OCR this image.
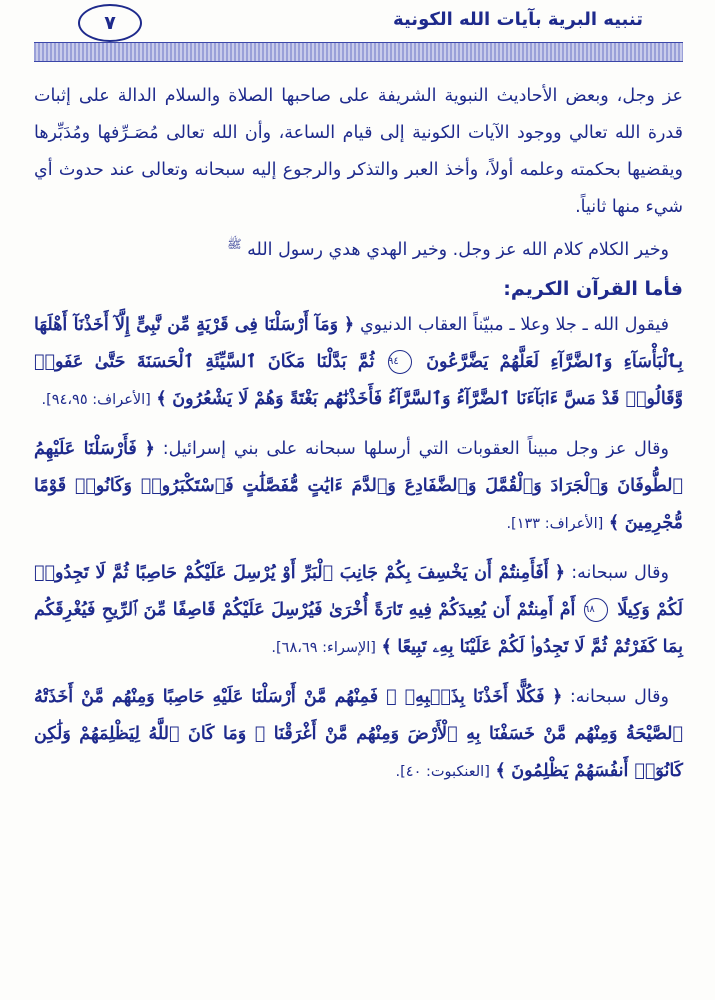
تنبيه البرية بآيات الله الكونية
٧

عز وجل، وبعض الأحاديث النبوية الشريفة على صاحبها الصلاة والسلام الدالة على إثبات قدرة الله تعالي ووجود الآيات الكونية إلى قيام الساعة، وأن الله تعالى مُصَـرِّفها ومُدَبِّرها ويقضيها بحكمته وعلمه أولاً، وأخذ العبر والتذكر والرجوع إليه سبحانه وتعالى عند حدوث أي شيء منها ثانياً.

وخير الكلام كلام الله عز وجل. وخير الهدي هدي رسول الله $^ﷺ$

فأما القرآن الكريم:

فيقول الله ـ جلا وعلا ـ مبيّناً العقاب الدنيوي ﴿ وَمَآ أَرْسَلْنَا فِى قَرْيَةٍ مِّن نَّبِىٍّ إِلَّآ أَخَذْنَآ أَهْلَهَا بِٱلْبَأْسَآءِ وَٱلضَّرَّآءِ لَعَلَّهُمْ يَضَّرَّعُونَ ٩٤ ثُمَّ بَدَّلْنَا مَكَانَ ٱلسَّيِّئَةِ ٱلْحَسَنَةَ حَتَّىٰ عَفَوا۟ وَّقَالُوا۟ قَدْ مَسَّ ءَابَآءَنَا ٱلضَّرَّآءُ وَٱلسَّرَّآءُ فَأَخَذْنَٰهُم بَغْتَةً وَهُمْ لَا يَشْعُرُونَ ﴾ [الأعراف: ٩٤،٩٥].

وقال عز وجل مبيناً العقوبات التي أرسلها سبحانه على بني إسرائيل: ﴿ فَأَرْسَلْنَا عَلَيْهِمُ ٱلطُّوفَانَ وَٱلْجَرَادَ وَٱلْقُمَّلَ وَٱلضَّفَادِعَ وَٱلدَّمَ ءَايَٰتٍ مُّفَصَّلَٰتٍ فَٱسْتَكْبَرُوا۟ وَكَانُوا۟ قَوْمًا مُّجْرِمِينَ ﴾ [الأعراف: ١٣٣].

وقال سبحانه: ﴿ أَفَأَمِنتُمْ أَن يَخْسِفَ بِكُمْ جَانِبَ ٱلْبَرِّ أَوْ يُرْسِلَ عَلَيْكُمْ حَاصِبًا ثُمَّ لَا تَجِدُوا۟ لَكُمْ وَكِيلًا ٦٨ أَمْ أَمِنتُمْ أَن يُعِيدَكُمْ فِيهِ تَارَةً أُخْرَىٰ فَيُرْسِلَ عَلَيْكُمْ قَاصِفًا مِّنَ ٱلرِّيحِ فَيُغْرِقَكُم بِمَا كَفَرْتُمْ ثُمَّ لَا تَجِدُوا۟ لَكُمْ عَلَيْنَا بِهِۦ تَبِيعًا ﴾ [الإسراء: ٦٨،٦٩].

وقال سبحانه: ﴿ فَكُلًّا أَخَذْنَا بِذَنۢبِهِۦ ۖ فَمِنْهُم مَّنْ أَرْسَلْنَا عَلَيْهِ حَاصِبًا وَمِنْهُم مَّنْ أَخَذَتْهُ ٱلصَّيْحَةُ وَمِنْهُم مَّنْ خَسَفْنَا بِهِ ٱلْأَرْضَ وَمِنْهُم مَّنْ أَغْرَقْنَا ۚ وَمَا كَانَ ٱللَّهُ لِيَظْلِمَهُمْ وَلَٰكِن كَانُوٓا۟ أَنفُسَهُمْ يَظْلِمُونَ ﴾ [العنكبوت: ٤٠].
